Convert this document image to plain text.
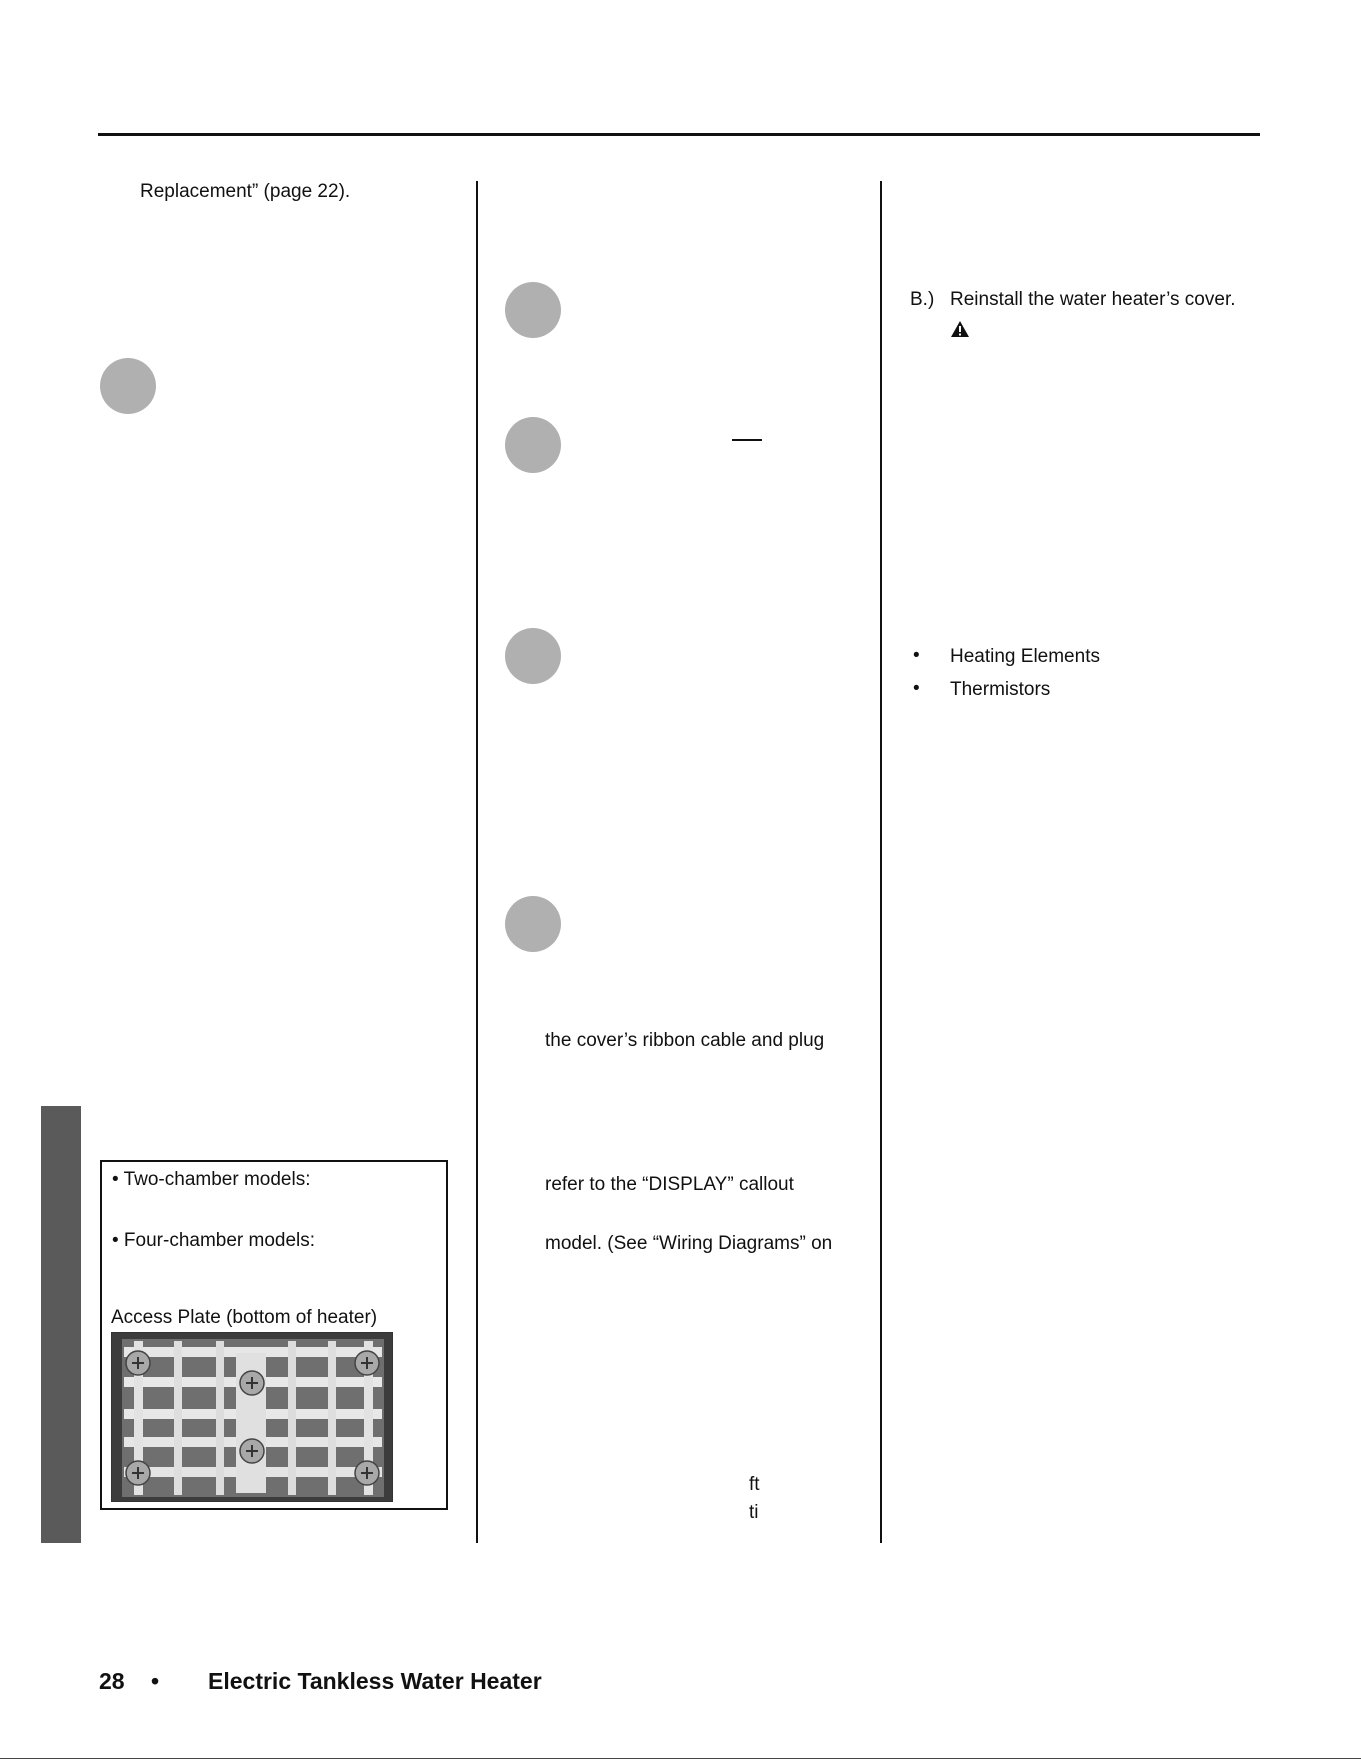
Replacement” (page 22).
• Two-chamber models:
• Four-chamber models:
Access Plate (bottom of heater)
the cover’s ribbon cable and plug
refer to the “DISPLAY” callout
model. (See “Wiring Diagrams” on
ft
ti
B.) Reinstall the water heater’s cover.
• Heating Elements
• Thermistors
28 • Electric Tankless Water Heater
